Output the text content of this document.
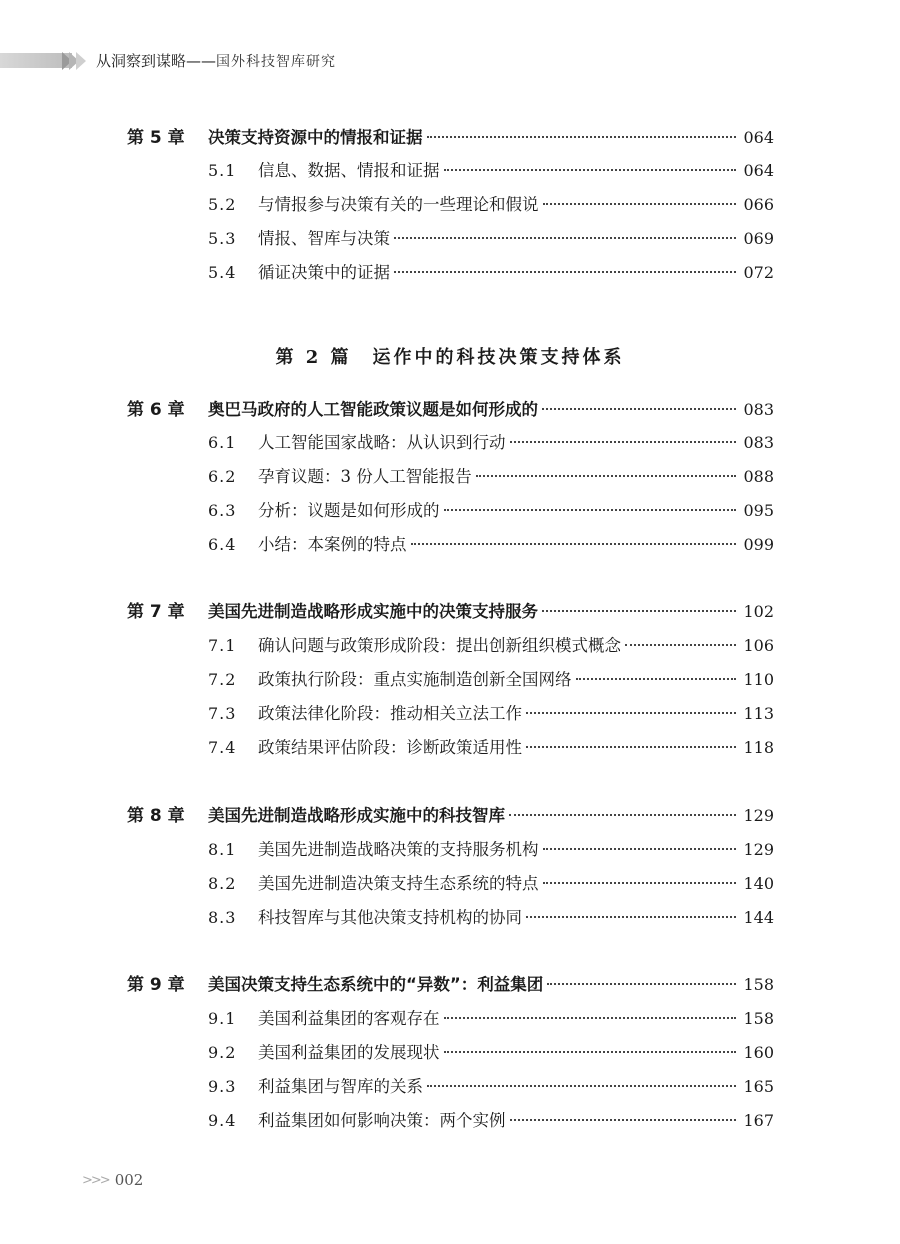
从洞察到谋略——国外科技智库研究
第 5 章 决策支持资源中的情报和证据	064
5.1	信息、数据、情报和证据	064
5.2	与情报参与决策有关的一些理论和假说	066
5.3	情报、智库与决策	069
5.4	循证决策中的证据	072
第 2 篇　运作中的科技决策支持体系
第 6 章 奥巴马政府的人工智能政策议题是如何形成的	083
6.1	人工智能国家战略：从认识到行动	083
6.2	孕育议题：3 份人工智能报告	088
6.3	分析：议题是如何形成的	095
6.4	小结：本案例的特点	099
第 7 章 美国先进制造战略形成实施中的决策支持服务	102
7.1	确认问题与政策形成阶段：提出创新组织模式概念	106
7.2	政策执行阶段：重点实施制造创新全国网络	110
7.3	政策法律化阶段：推动相关立法工作	113
7.4	政策结果评估阶段：诊断政策适用性	118
第 8 章 美国先进制造战略形成实施中的科技智库	129
8.1	美国先进制造战略决策的支持服务机构	129
8.2	美国先进制造决策支持生态系统的特点	140
8.3	科技智库与其他决策支持机构的协同	144
第 9 章 美国决策支持生态系统中的“异数”：利益集团	158
9.1	美国利益集团的客观存在	158
9.2	美国利益集团的发展现状	160
9.3	利益集团与智库的关系	165
9.4	利益集团如何影响决策：两个实例	167
>>> 002
